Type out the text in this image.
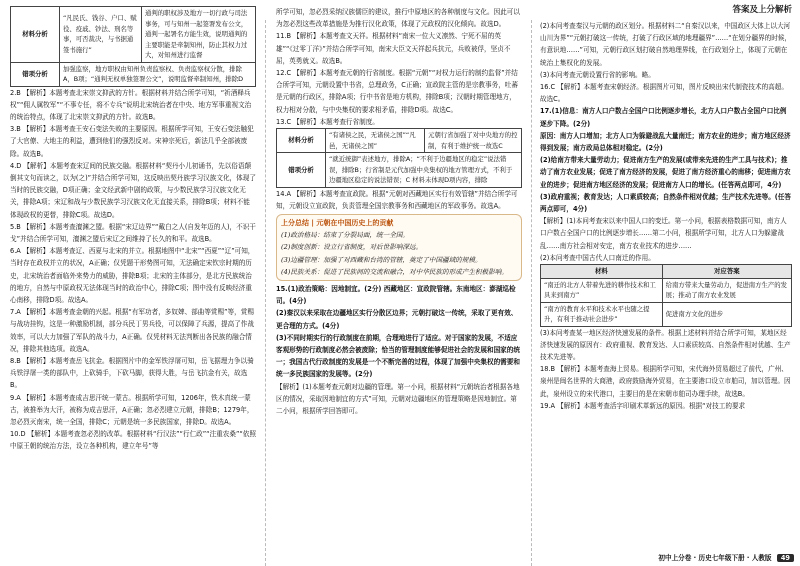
材料分析	“凡民氏、钱谷、户口、赋役、疫戚、钞法、刑名等事，可否裁决，与书据通签书施行”	通判的职权涉及地方一切行政与司法事务，可与知州一起签署发布公文，通判一起署名方能生效，说明通判的主要职能是牵制知州，防止其权力过大，对知州进行监督
错项分析	加强监察，地方职权由知州负责监察权、负责监察权分散，排除A，B项；“通判无权单独签署公文”，说明监督牵制知州，排除D	

2.B 【解析】本题考查北宋崇文抑武的方针。根据材料并结合所学可知，“祈酒释兵权”“佣人属牧军”“不事专任，将不专兵”说明北宋统治者在中央、地方军事重视文治的统治特点，体现了北宋崇文抑武的方针。故选B。

3.B 【解析】本题考查王安石变法失败的主要原因。根据所学可知，王安石变法触犯了大官僚、大地主的利益，遭到他们的强烈反对。宋神宗死后，新法几乎全部被废除。故选B。

4.D 【解析】本题考查宋辽间的民族交融。根据材料“契丹小儿初诵书，先以俗语颠倒其文句而读之，以为(之)”并结合所学可知，这反映出契丹族学习汉族文化，体现了当时的民族交融，D项正确；金文经武新中剧的政策，与少数民族学习汉族文化无关，排除A项；宋辽和战与少数民族学习汉族文化无直接关系，排除B项；材料不能体现政权的更替，排除C项。故选D。

5.B 【解析】本题考查澶渊之盟。根据“宋辽边界”“戴白之人(自发年迈的人)，不识干戈”并结合所学可知，澶渊之盟后宋辽之间维持了长久的和平。故选B。

6.A 【解析】本题考查辽、西夏与北宋的并立。根据地图中“北宋”“西夏”“辽”可知，当时存在政权并立的状况，A正确；仅凭题干形势图可知，无法确定宋钦宗时期的历史，北宋统治者面临外来势力的威胁，排除B项；北宋的主体部分，是北方民族统治的地方，自然与中原政权无法体现当时的政治中心，排除C项；图中没有反映经济重心南移，排除D项。故选A。

7.A 【解析】本题考查金朝的兴起。根据“有军功者，多奴婢、部曲等赏赐”等，赏赐与战功挂钩，这是一种激励机制，部分兵民丁男兵役，可以保障了兵源，提高了作战效率，可以大力加强了军队的战斗力，A正确。仅凭材料无法判断出各民族的融合情况，排除其他选项。故选A。

8.B 【解析】本题考查岳飞抗金。根据图片中的金军铁浮屠可知，岳飞据理力争以骑兵铁浮屠一类的部队中，上砍骑手，下砍马脚，获得大胜，与岳飞抗金有关，故选B。

9.A 【解析】本题考查成吉思汗统一蒙古。根据所学可知，1206年，铁木真统一蒙古，被推举为大汗，被称为成吉思汗，A正确；忽必烈建立元朝，排除B；1279年，忽必烈灭南宋，统一全国，排除C；元朝是统一多民族国家，排除D。故选A。

10.D 【解析】本题考查忽必烈的改革。根据材料“行汉法”“行仁政”“注重农桑”“依照中原王朝的统治方法，设立各种机构，建立年号”等

所学可知，忽必烈采纳汉族儒臣的建议，推行中原地区的各种制度与文化。因此可以为忽必烈这些改革措施是为推行汉化政策，体现了元政权的汉化倾向。故选D。

11.B 【解析】本题考查文天祥。根据材料“南宋一位大义凛然、宁死不屈的英雄”“《过零丁洋》”并结合所学可知，南宋大臣文天祥起兵抗元，兵败被俘，坚贞不屈，英勇就义。故选B。

12.C 【解析】本题考查元朝的行省制度。根据“元朝”“对权力运行的制约监督”并结合所学可知，元朝设置中书省，总理政务，C正确；宣政院主管的是宗教事务，吐蕃是元朝的行政区，排除A项；行中书省是地方机构，排除B项；汉朝时期管理地方，权力相对分散，与中央集权的要求相矛盾，排除D项。故选C。

13.C 【解析】本题考查行省制度。

材料分析	“有诸侯之民，无诸侯之国”“凡邑，无诸侯之国”	元朝行省加强了对中央地方的控制，有利于维护统一故选C
错项分析	“就近统御”表述地方，排除A；“不利于边疆地区的稳定”说法错误，排除B；行省制是元代加强中央集权的地方管理方式，不利于边疆地区稳定的说法错误；C 材料未体现D项内容，排除	

14.A 【解析】本题考查宣政院。根据“元朝对西藏地区实行有效管辖”并结合所学可知，元朝设立宣政院，负责管理全国宗教事务和西藏地区的军政事务。故选A。

上分总结 | 元朝在中国历史上的贡献
(1)政治格局：结束了分裂局面，统一全国。
(2)制度创新：设立行省制度，对后世影响深远。
(3)边疆管理：加强了对西藏和台湾的管辖，奠定了中国疆域的规模。
(4)民族关系：促进了民族间的交流和融合，对中华民族的形成产生积极影响。

15.(1)政治策略：因地制宜。(2分) 西藏地区：宣政院管辖。东南地区：澎湖巡检司。(4分)

(2)秦汉以来采取在边疆地区实行分散区边界；元朝打破这一传统，采取了更有效、更合理的方式。(4分)

(3)不同时期实行的行政制度在前期，合理地进行了适应。对于国家的发展，不适应客观形势的行政制度必然会被废除；恰当的管理制度能够促进社会的发展和国家的统一；我国古代行政制度的发展是一个不断完善的过程，体现了加强中央集权的需要和统一多民族国家的发展等。(2分)

【解析】(1)本题考查元朝对边疆的管理。第一小问，根据材料“元朝统治者根据各地区的情况，采取因地制宜的方式”可知，元朝对边疆地区的管理策略是因地制宜。第二小问，根据所学回答即可。

答案及上分解析

(2)本问考查秦汉与元朝的政区划分。根据材料二“自秦汉以来，中国政区大体上以大河山川为界”“元朝打破这一传统，打破了行政区域的地理疆界”……“在划分疆界的时候，有意识地……”可知，元朝行政区划打破自然地理界线，在行政划分上，体现了元朝在统治上集权化的发展。

(3)本问考查元朝设置行省的影响。略。

16.C 【解析】本题考查宋朝经济。根据图片可知，图片反映出宋代制瓷技术的高超。故选C。

17.(1)信息：南方人口户数占全国户口比例逐步增长，北方人口户数占全国户口比例逐步下降。(2分)

原因：南方人口增加；北方人口为躲避战乱大量南迁；南方农业的进步；南方地区经济得到发展；南方政局总体相对稳定。(2分)

(2)给南方带来大量劳动力；促进南方生产的发展(或带来先进的生产工具与技术)；推动了南方农业发展；促进了南方经济的发展，促进了南方经济重心的南移；促进南方农业的进步；促进南方地区经济的发展；促进南方人口的增长。(任答两点即可，4分)

(3)政府重视；教育发达；人口素质较高；自然条件相对优越；生产技术先进等。(任答两点即可，4分)

【解析】(1)本问考查宋以来中国人口的变迁。第一小问，根据表格数据可知，南方人口户数占全国户口的比例逐步增长……第二小问，根据所学可知，北方人口为躲避战乱……南方社会相对安定，南方农业技术的进步……

(2)本问考查中国古代人口南迁的作用。

材料	对应答案
“南迁的北方人带着先进的耕作技术和工具来到南方”	给南方带来大量劳动力，促进南方生产的发展；推动了南方农业发展
“南方的教育水平和技术水平也随之提升，有利于推动社会进步”	促进南方文化的进步

(3)本问考查某一地区经济快速发展的条件。根据上述材料并结合所学可知，某地区经济快速发展的原因有：政府重视、教育发达、人口素质较高、自然条件相对优越、生产技术先进等。

18.B 【解析】本题考查海上贸易。根据所学可知，宋代海外贸易超过了前代，广州、泉州是闽名世界的大商港，政府鼓励海外贸易，在主要港口设立市舶司，加以管理。因此，泉州设立的宋代港口，主要目的是在宋朝市舶司办理手续，故选B。

19.A 【解析】本题考查活字印刷术革新远的原因。根据“对技工的要求

初中上分卷 · 历史七年级下册 · 人教版 49
